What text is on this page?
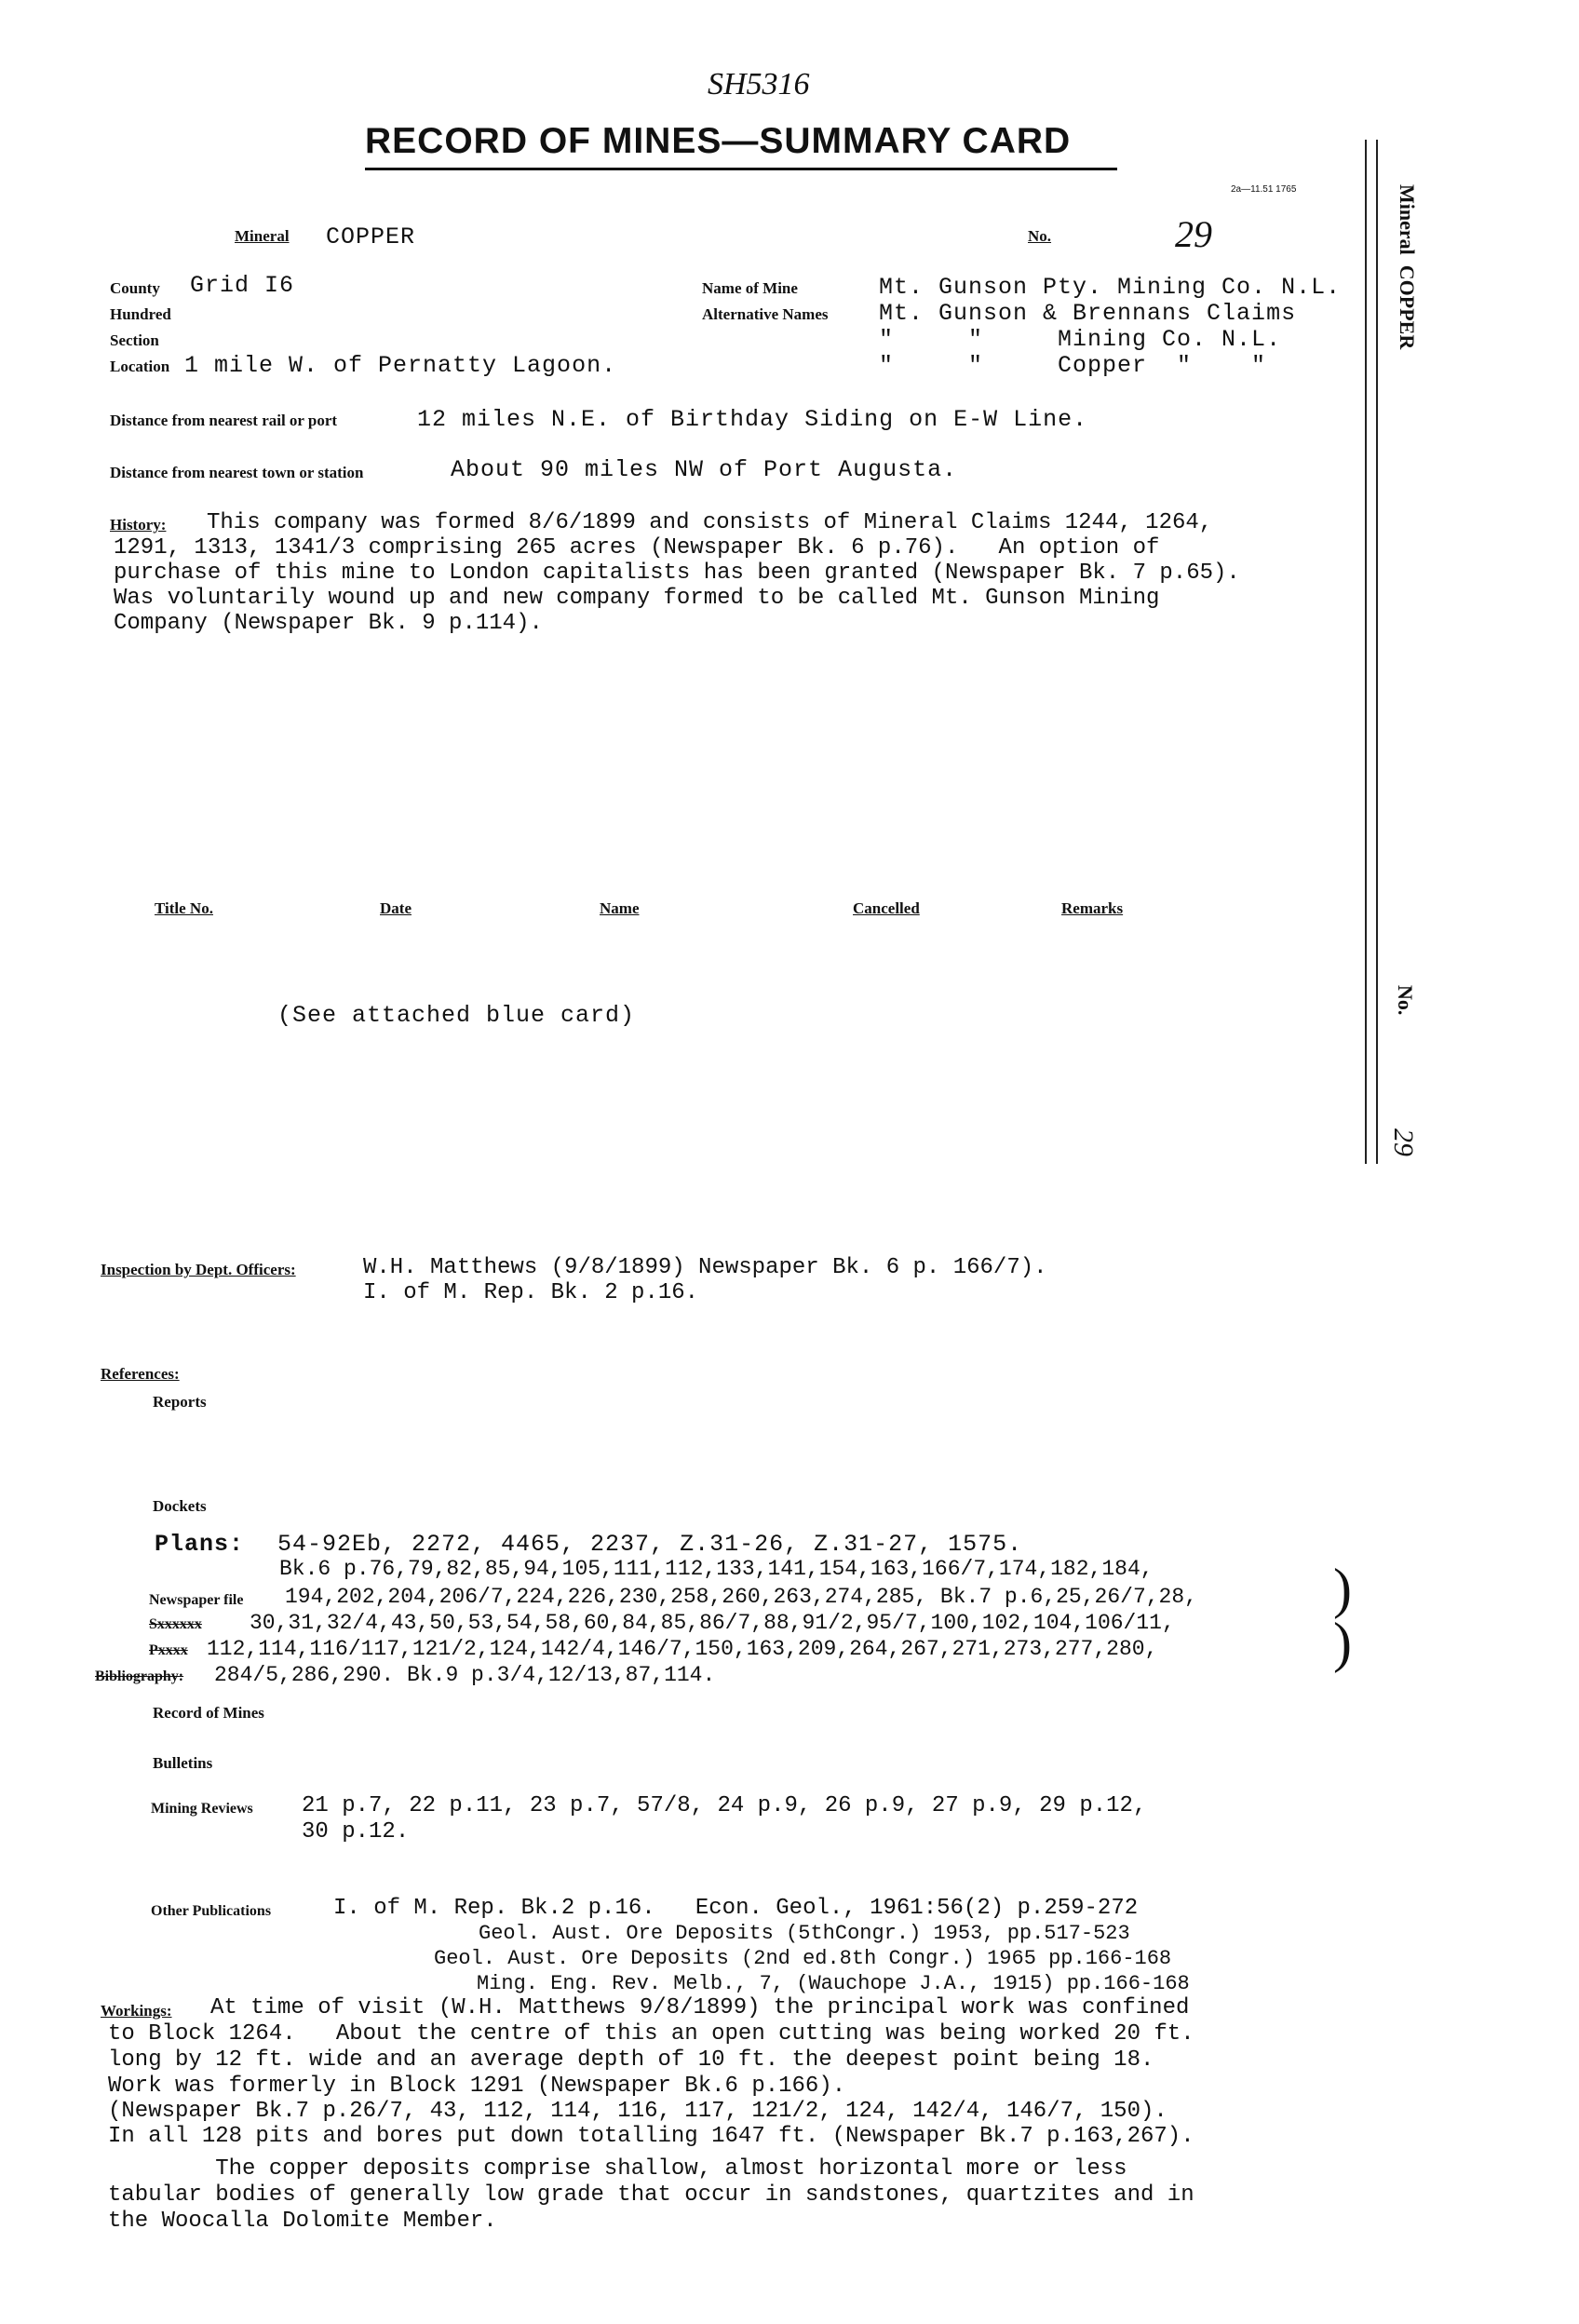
SH5316
RECORD OF MINES—SUMMARY CARD
2a—11.51 1765	Mineral  COPPER
No.
29
Mineral COPPER	No.	29
County Grid I6
Hundred
Section
Location 1 mile W. of Pernatty Lagoon.
Name of Mine	Mt. Gunson Pty. Mining Co. N.L.
Alternative Names Mt. Gunson & Brennans Claims
"     "     Mining Co. N.L.
"     "     Copper  "    "
Distance from nearest rail or port	12 miles N.E. of Birthday Siding on E-W Line.
Distance from nearest town or station	About 90 miles NW of Port Augusta.
History: This company was formed 8/6/1899 and consists of Mineral Claims 1244, 1264,
1291, 1313, 1341/3 comprising 265 acres (Newspaper Bk. 6 p.76).   An option of
purchase of this mine to London capitalists has been granted (Newspaper Bk. 7 p.65).
Was voluntarily wound up and new company formed to be called Mt. Gunson Mining
Company (Newspaper Bk. 9 p.114).
Title No.	Date	Name	Cancelled	Remarks
(See attached blue card)
Inspection by Dept. Officers:	W.H. Matthews (9/8/1899) Newspaper Bk. 6 p. 166/7).
I. of M. Rep. Bk. 2 p.16.
References:
Reports
Dockets
Plans: 54-92Eb, 2272, 4465, 2237, Z.31-26, Z.31-27, 1575.
Bk.6 p.76,79,82,85,94,105,111,112,133,141,154,163,166/7,174,182,184,
Newspaper file 194,202,204,206/7,224,226,230,258,260,263,274,285, Bk.7 p.6,25,26/7,28,
Sxxxxxx 30,31,32/4,43,50,53,54,58,60,84,85,86/7,88,91/2,95/7,100,102,104,106/11,
Pxxxx 112,114,116/117,121/2,124,142/4,146/7,150,163,209,264,267,271,273,277,280,
Bibliography: 284/5,286,290. Bk.9 p.3/4,12/13,87,114.
)
)
Record of Mines
Bulletins
Mining Reviews 21 p.7, 22 p.11, 23 p.7, 57/8, 24 p.9, 26 p.9, 27 p.9, 29 p.12,
30 p.12.
Other Publications	I. of M. Rep. Bk.2 p.16.   Econ. Geol., 1961:56(2) p.259-272
Geol. Aust. Ore Deposits (5thCongr.) 1953, pp.517-523
Geol. Aust. Ore Deposits (2nd ed.8th Congr.) 1965 pp.166-168
Ming. Eng. Rev. Melb., 7, (Wauchope J.A., 1915) pp.166-168
Workings: At time of visit (W.H. Matthews 9/8/1899) the principal work was confined
to Block 1264.   About the centre of this an open cutting was being worked 20 ft.
long by 12 ft. wide and an average depth of 10 ft. the deepest point being 18.
Work was formerly in Block 1291 (Newspaper Bk.6 p.166).
(Newspaper Bk.7 p.26/7, 43, 112, 114, 116, 117, 121/2, 124, 142/4, 146/7, 150).
In all 128 pits and bores put down totalling 1647 ft. (Newspaper Bk.7 p.163,267).
The copper deposits comprise shallow, almost horizontal more or less
tabular bodies of generally low grade that occur in sandstones, quartzites and in
the Woocalla Dolomite Member.
